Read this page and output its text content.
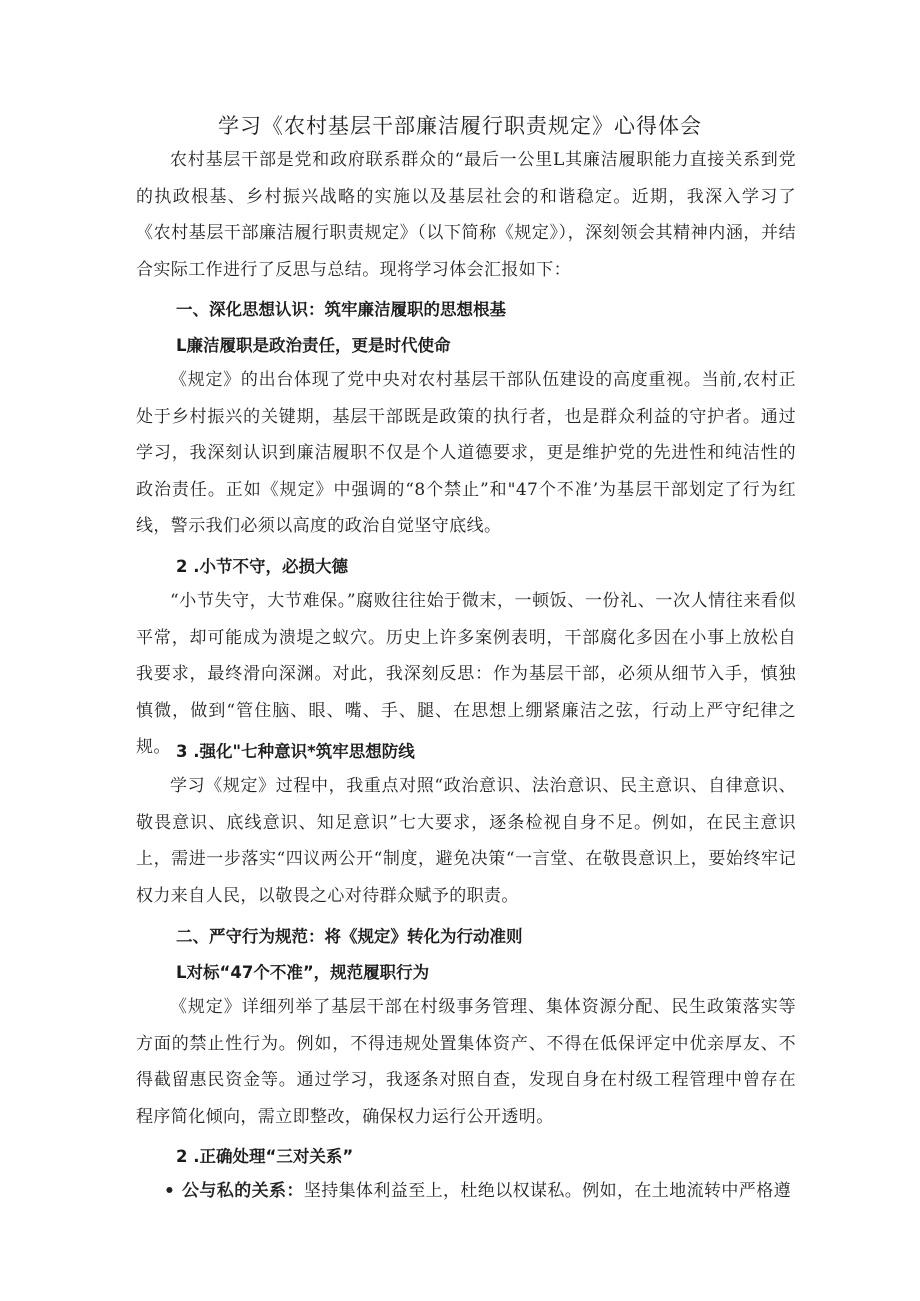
学习《农村基层干部廉洁履行职责规定》心得体会
农村基层干部是党和政府联系群众的“最后一公里L其廉洁履职能力直接关系到党的执政根基、乡村振兴战略的实施以及基层社会的和谐稳定。近期，我深入学习了《农村基层干部廉洁履行职责规定》（以下简称《规定》），深刻领会其精神内涵，并结合实际工作进行了反思与总结。现将学习体会汇报如下：
一、深化思想认识：筑牢廉洁履职的思想根基
L廉洁履职是政治责任，更是时代使命
《规定》的出台体现了党中央对农村基层干部队伍建设的高度重视。当前,农村正处于乡村振兴的关键期，基层干部既是政策的执行者，也是群众利益的守护者。通过学习，我深刻认识到廉洁履职不仅是个人道德要求，更是维护党的先进性和纯洁性的政治责任。正如《规定》中强调的“8个禁止”和"47个不准’为基层干部划定了行为红线，警示我们必须以高度的政治自觉坚守底线。
2 .小节不守，必损大德
“小节失守，大节难保。”腐败往往始于微末，一顿饭、一份礼、一次人情往来看似平常，却可能成为溃堤之蚁穴。历史上许多案例表明，干部腐化多因在小事上放松自我要求，最终滑向深渊。对此，我深刻反思：作为基层干部，必须从细节入手，慎独慎微，做到“管住脑、眼、嘴、手、腿、在思想上绷紧廉洁之弦，行动上严守纪律之规。 3 .强化"七种意识*筑牢思想防线
学习《规定》过程中，我重点对照“政治意识、法治意识、民主意识、自律意识、敬畏意识、底线意识、知足意识”七大要求，逐条检视自身不足。例如，在民主意识上，需进一步落实“四议两公开“制度，避免决策“一言堂、在敬畏意识上，要始终牢记权力来自人民，以敬畏之心对待群众赋予的职责。
二、严守行为规范：将《规定》转化为行动准则
L对标“47个不准”，规范履职行为
《规定》详细列举了基层干部在村级事务管理、集体资源分配、民生政策落实等方面的禁止性行为。例如，不得违规处置集体资产、不得在低保评定中优亲厚友、不得截留惠民资金等。通过学习，我逐条对照自查，发现自身在村级工程管理中曾存在程序简化倾向，需立即整改，确保权力运行公开透明。
2 .正确处理“三对关系”
• 公与私的关系：坚持集体利益至上，杜绝以权谋私。例如，在土地流转中严格遵
